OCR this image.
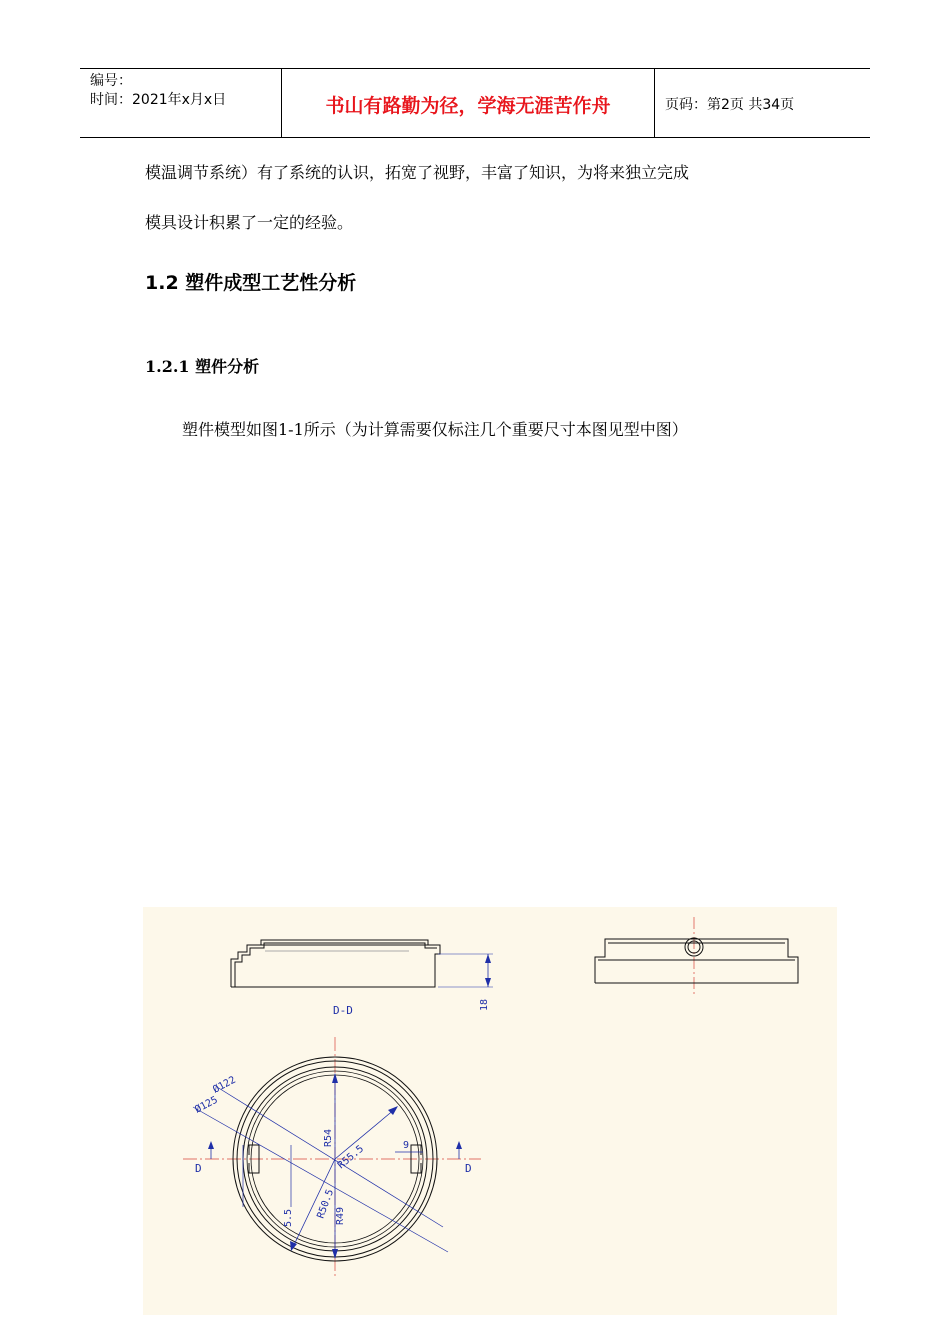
编号：
时间：2021年x月x日	书山有路勤为径，学海无涯苦作舟	页码：第2页 共34页
模温调节系统）有了系统的认识，拓宽了视野，丰富了知识，为将来独立完成
模具设计积累了一定的经验。
1.2 塑件成型工艺性分析
1.2.1 塑件分析
塑件模型如图1-1所示（为计算需要仅标注几个重要尺寸本图见型中图）
D-D	18
Ø122
Ø125
R54
R55.5	9
5.5 R50.5
R49
D	D
